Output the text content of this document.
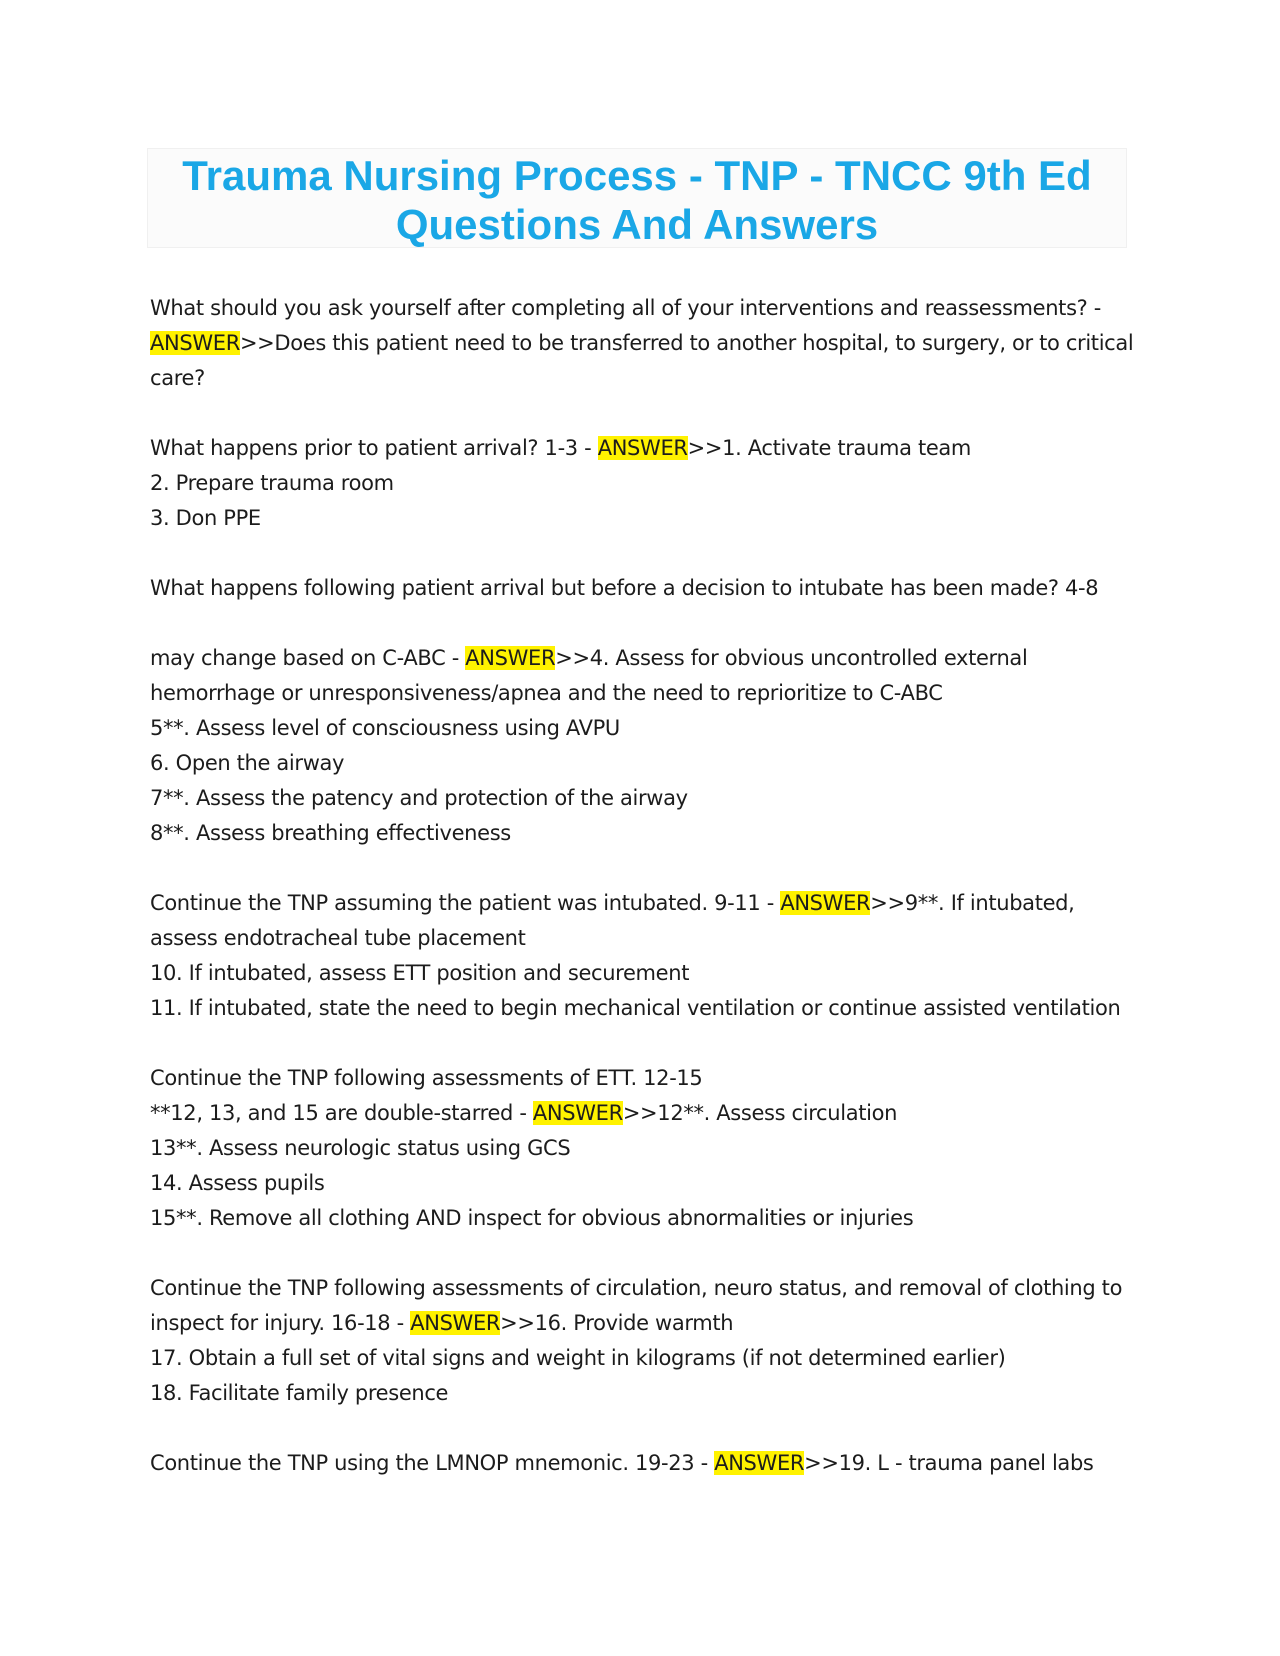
Trauma Nursing Process - TNP - TNCC 9th Ed
Questions And Answers
What should you ask yourself after completing all of your interventions and reassessments? -
ANSWER>>Does this patient need to be transferred to another hospital, to surgery, or to critical
care?
What happens prior to patient arrival? 1-3 - ANSWER>>1. Activate trauma team
2. Prepare trauma room
3. Don PPE
What happens following patient arrival but before a decision to intubate has been made? 4-8

may change based on C-ABC - ANSWER>>4. Assess for obvious uncontrolled external
hemorrhage or unresponsiveness/apnea and the need to reprioritize to C-ABC
5**. Assess level of consciousness using AVPU
6. Open the airway
7**. Assess the patency and protection of the airway
8**. Assess breathing effectiveness
Continue the TNP assuming the patient was intubated. 9-11 - ANSWER>>9**. If intubated,
assess endotracheal tube placement
10. If intubated, assess ETT position and securement
11. If intubated, state the need to begin mechanical ventilation or continue assisted ventilation
Continue the TNP following assessments of ETT. 12-15
**12, 13, and 15 are double-starred - ANSWER>>12**. Assess circulation
13**. Assess neurologic status using GCS
14. Assess pupils
15**. Remove all clothing AND inspect for obvious abnormalities or injuries
Continue the TNP following assessments of circulation, neuro status, and removal of clothing to
inspect for injury. 16-18 - ANSWER>>16. Provide warmth
17. Obtain a full set of vital signs and weight in kilograms (if not determined earlier)
18. Facilitate family presence
Continue the TNP using the LMNOP mnemonic. 19-23 - ANSWER>>19. L - trauma panel labs
